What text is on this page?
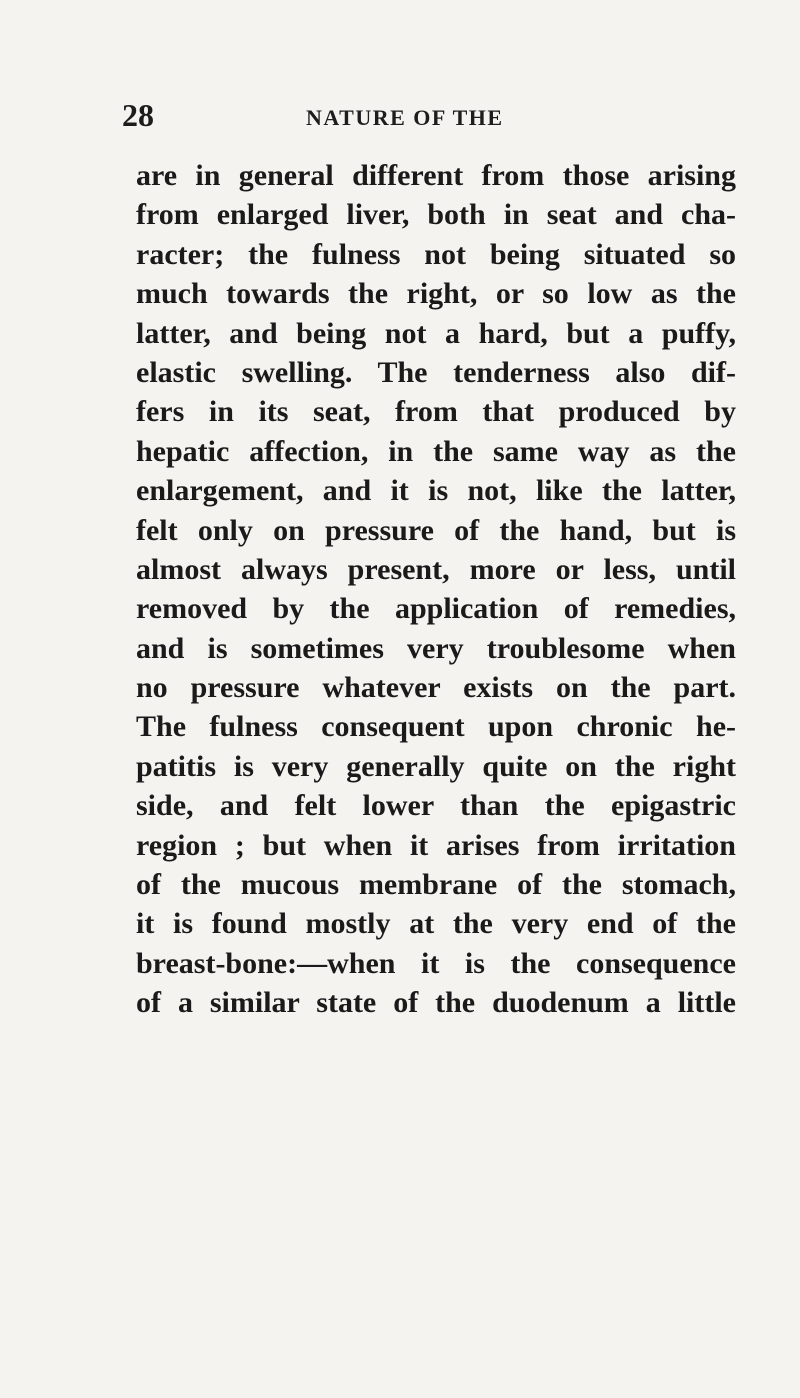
28	NATURE OF THE
are in general different from those arising
from enlarged liver, both in seat and cha-
racter; the fulness not being situated so
much towards the right, or so low as the
latter, and being not a hard, but a puffy,
elastic swelling. The tenderness also dif-
fers in its seat, from that produced by
hepatic affection, in the same way as the
enlargement, and it is not, like the latter,
felt only on pressure of the hand, but is
almost always present, more or less, until
removed by the application of remedies,
and is sometimes very troublesome when
no pressure whatever exists on the part.
The fulness consequent upon chronic he-
patitis is very generally quite on the right
side, and felt lower than the epigastric
region ; but when it arises from irritation
of the mucous membrane of the stomach,
it is found mostly at the very end of the
breast-bone:—when it is the consequence
of a similar state of the duodenum a little
